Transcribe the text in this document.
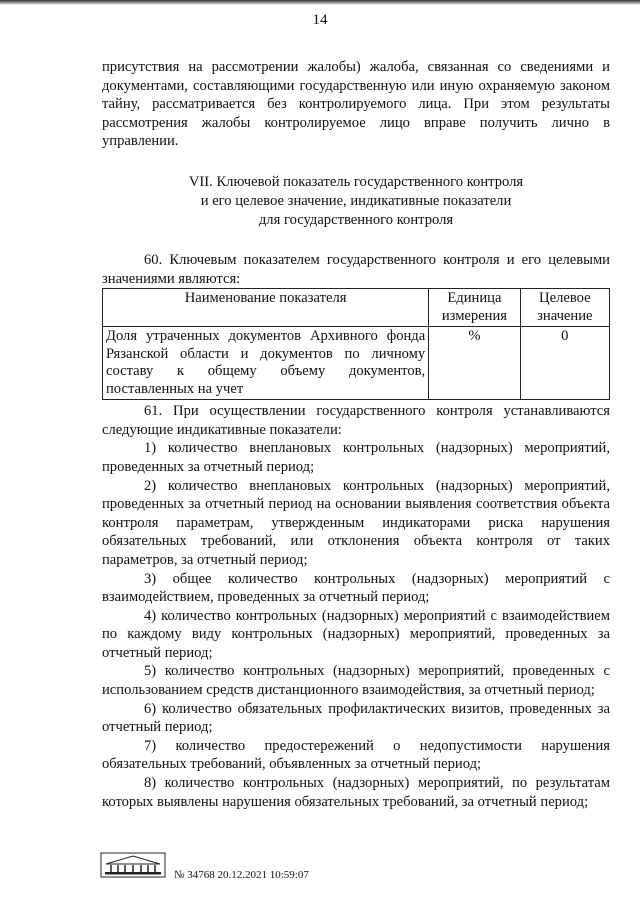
14

присутствия на рассмотрении жалобы) жалоба, связанная со сведениями и документами, составляющими государственную или иную охраняемую законом тайну, рассматривается без контролируемого лица. При этом результаты рассмотрения жалобы контролируемое лицо вправе получить лично в управлении.

VII. Ключевой показатель государственного контроля
и его целевое значение, индикативные показатели
для государственного контроля

60. Ключевым показателем государственного контроля и его целевыми значениями являются:

Наименование показателя	Единица измерения	Целевое значение
Доля утраченных документов Архивного фонда Рязанской области и документов по личному составу к общему объему документов, поставленных на учет	%	0

61. При осуществлении государственного контроля устанавливаются следующие индикативные показатели:

1) количество внеплановых контрольных (надзорных) мероприятий, проведенных за отчетный период;

2) количество внеплановых контрольных (надзорных) мероприятий, проведенных за отчетный период на основании выявления соответствия объекта контроля параметрам, утвержденным индикаторами риска нарушения обязательных требований, или отклонения объекта контроля от таких параметров, за отчетный период;

3) общее количество контрольных (надзорных) мероприятий с взаимодействием, проведенных за отчетный период;

4) количество контрольных (надзорных) мероприятий с взаимодействием по каждому виду контрольных (надзорных) мероприятий, проведенных за отчетный период;

5) количество контрольных (надзорных) мероприятий, проведенных с использованием средств дистанционного взаимодействия, за отчетный период;

6) количество обязательных профилактических визитов, проведенных за отчетный период;

7) количество предостережений о недопустимости нарушения обязательных требований, объявленных за отчетный период;

8) количество контрольных (надзорных) мероприятий, по результатам которых выявлены нарушения обязательных требований, за отчетный период;

№ 34768 20.12.2021 10:59:07
